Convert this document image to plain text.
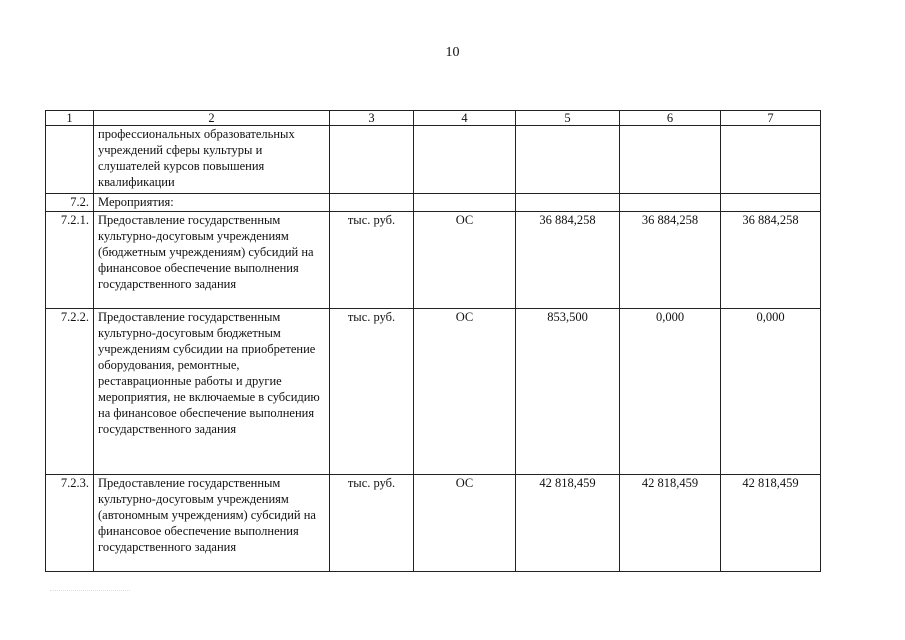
10
1	2	3	4	5	6	7
	профессиональных образовательных учреждений сферы культуры и слушателей курсов повышения квалификации					
7.2.	Мероприятия:					
7.2.1.	Предоставление государственным культурно-досуговым учреждениям (бюджетным учреждениям) субсидий на финансовое обеспечение выполнения государственного задания	тыс. руб.	ОС	36 884,258	36 884,258	36 884,258
7.2.2.	Предоставление государственным культурно-досуговым бюджетным учреждениям субсидии на приобретение оборудования, ремонтные, реставрационные работы и другие мероприятия, не включаемые в субсидию на финансовое обеспечение выполнения государственного задания	тыс. руб.	ОС	853,500	0,000	0,000
7.2.3.	Предоставление государственным культурно-досуговым учреждениям (автономным учреждениям) субсидий на финансовое обеспечение выполнения государственного задания	тыс. руб.	ОС	42 818,459	42 818,459	42 818,459
